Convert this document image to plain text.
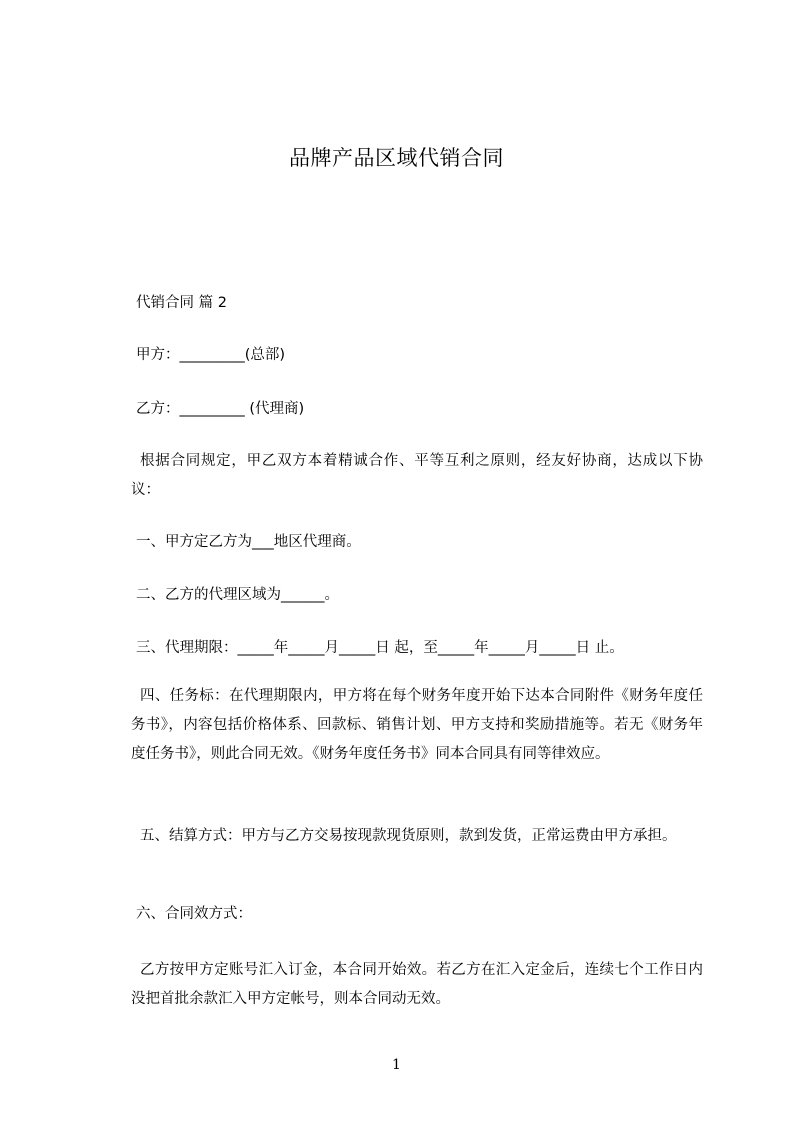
品牌产品区域代销合同
代销合同 篇 2
甲方：_________(总部)
乙方：_________ (代理商)
根据合同规定，甲乙双方本着精诚合作、平等互利之原则，经友好协商，达成以下协议：
一、甲方定乙方为___地区代理商。
二、乙方的代理区域为______。
三、代理期限：_____年_____月_____日 起，至_____年_____月_____日 止。
四、任务标：在代理期限内，甲方将在每个财务年度开始下达本合同附件《财务年度任务书》，内容包括价格体系、回款标、销售计划、甲方支持和奖励措施等。若无《财务年度任务书》，则此合同无效。《财务年度任务书》同本合同具有同等律效应。
五、结算方式：甲方与乙方交易按现款现货原则，款到发货，正常运费由甲方承担。
六、合同效方式：
乙方按甲方定账号汇入订金，本合同开始效。若乙方在汇入定金后，连续七个工作日内没把首批余款汇入甲方定帐号，则本合同动无效。
1
